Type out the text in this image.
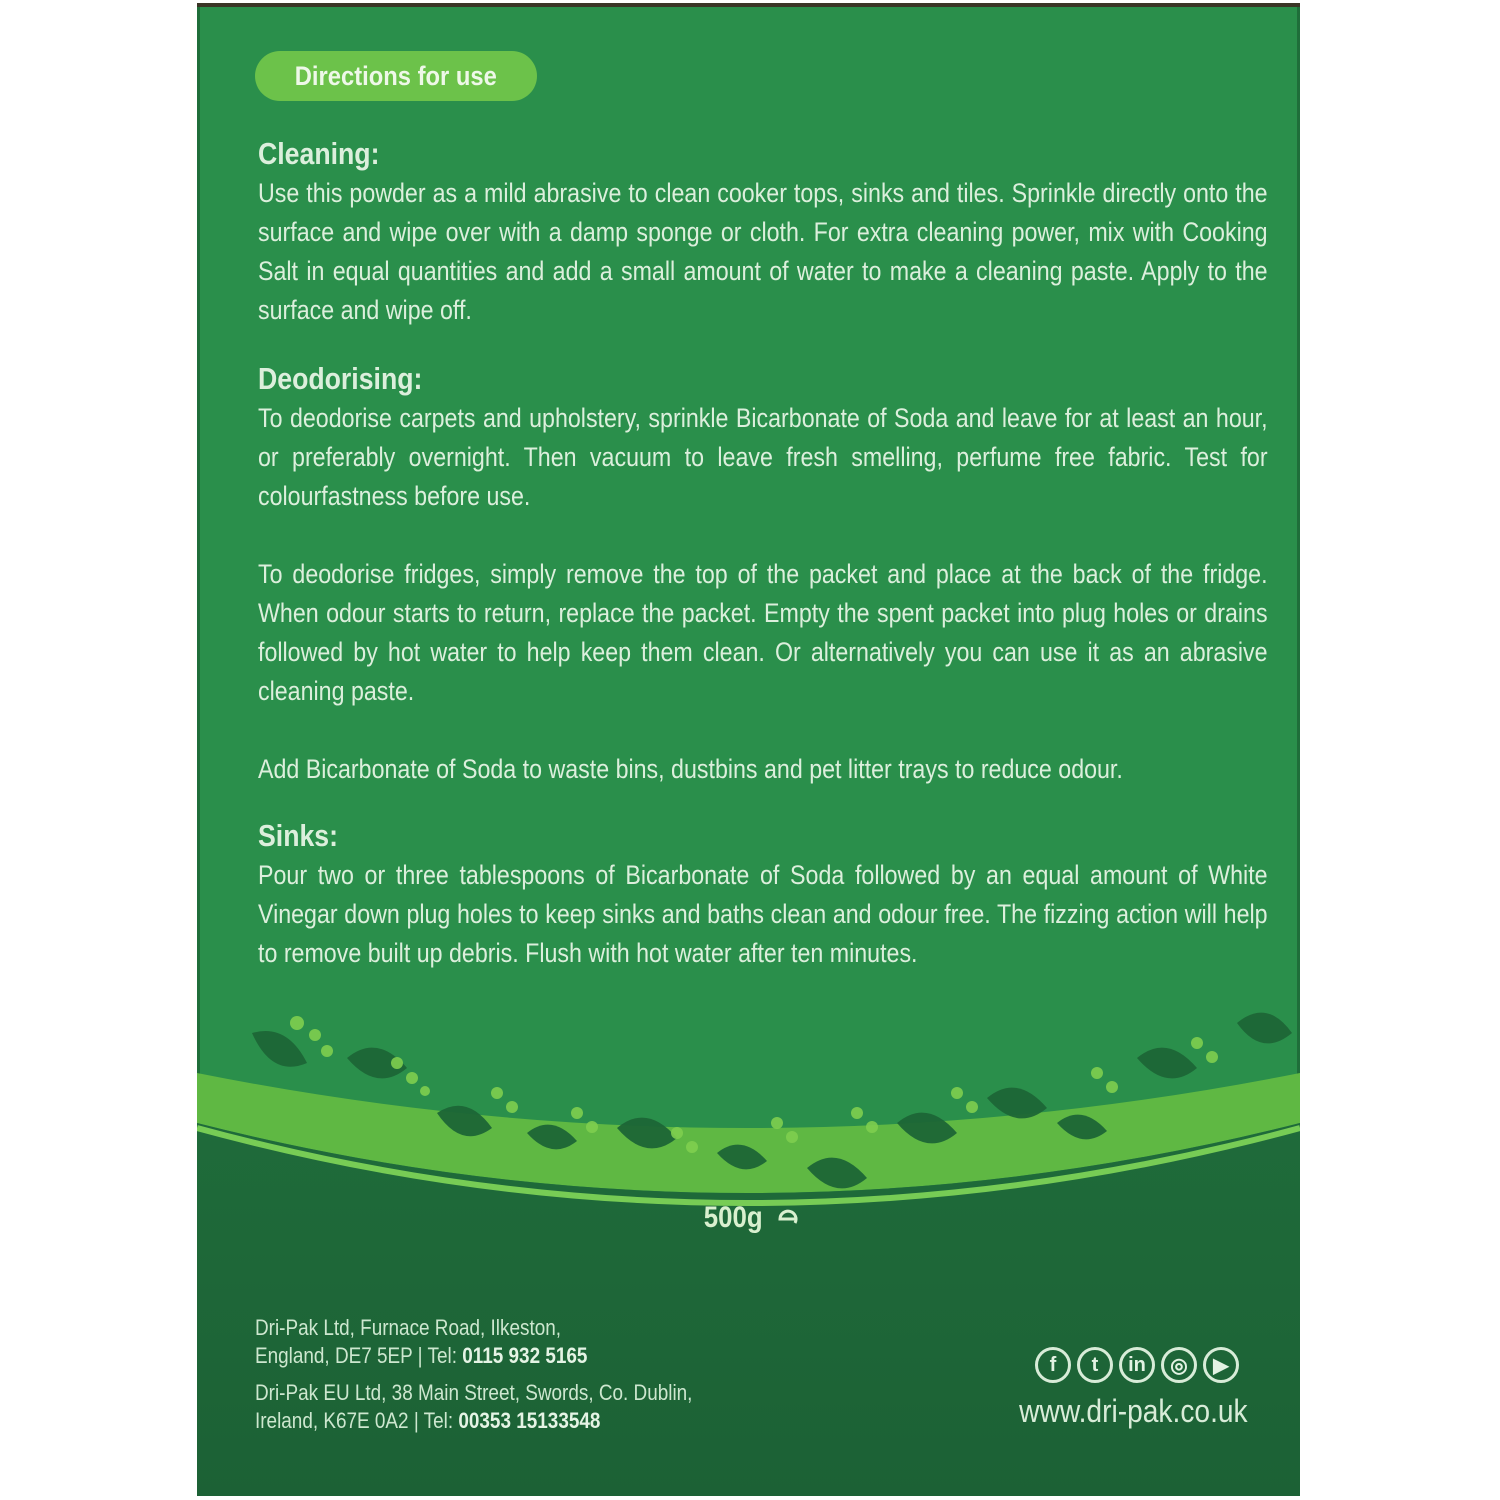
Directions for use
Cleaning:

Use this powder as a mild abrasive to clean cooker tops, sinks and tiles. Sprinkle directly onto the surface and wipe over with a damp sponge or cloth. For extra cleaning power, mix with Cooking Salt in equal quantities and add a small amount of water to make a cleaning paste. Apply to the surface and wipe off.

Deodorising:

To deodorise carpets and upholstery, sprinkle Bicarbonate of Soda and leave for at least an hour, or preferably overnight. Then vacuum to leave fresh smelling, perfume free fabric. Test for colourfastness before use.

To deodorise fridges, simply remove the top of the packet and place at the back of the fridge. When odour starts to return, replace the packet. Empty the spent packet into plug holes or drains followed by hot water to help keep them clean. Or alternatively you can use it as an abrasive cleaning paste.

Add Bicarbonate of Soda to waste bins, dustbins and pet litter trays to reduce odour.

Sinks:

Pour two or three tablespoons of Bicarbonate of Soda followed by an equal amount of White Vinegar down plug holes to keep sinks and baths clean and odour free. The fizzing action will help to remove built up debris. Flush with hot water after ten minutes.

500g
Dri-Pak Ltd, Furnace Road, Ilkeston,
England, DE7 5EP | Tel: 0115 932 5165
Dri-Pak EU Ltd, 38 Main Street, Swords, Co. Dublin,
Ireland, K67E 0A2 | Tel: 00353 15133548
f	t	in	◎	▶
www.dri-pak.co.uk
